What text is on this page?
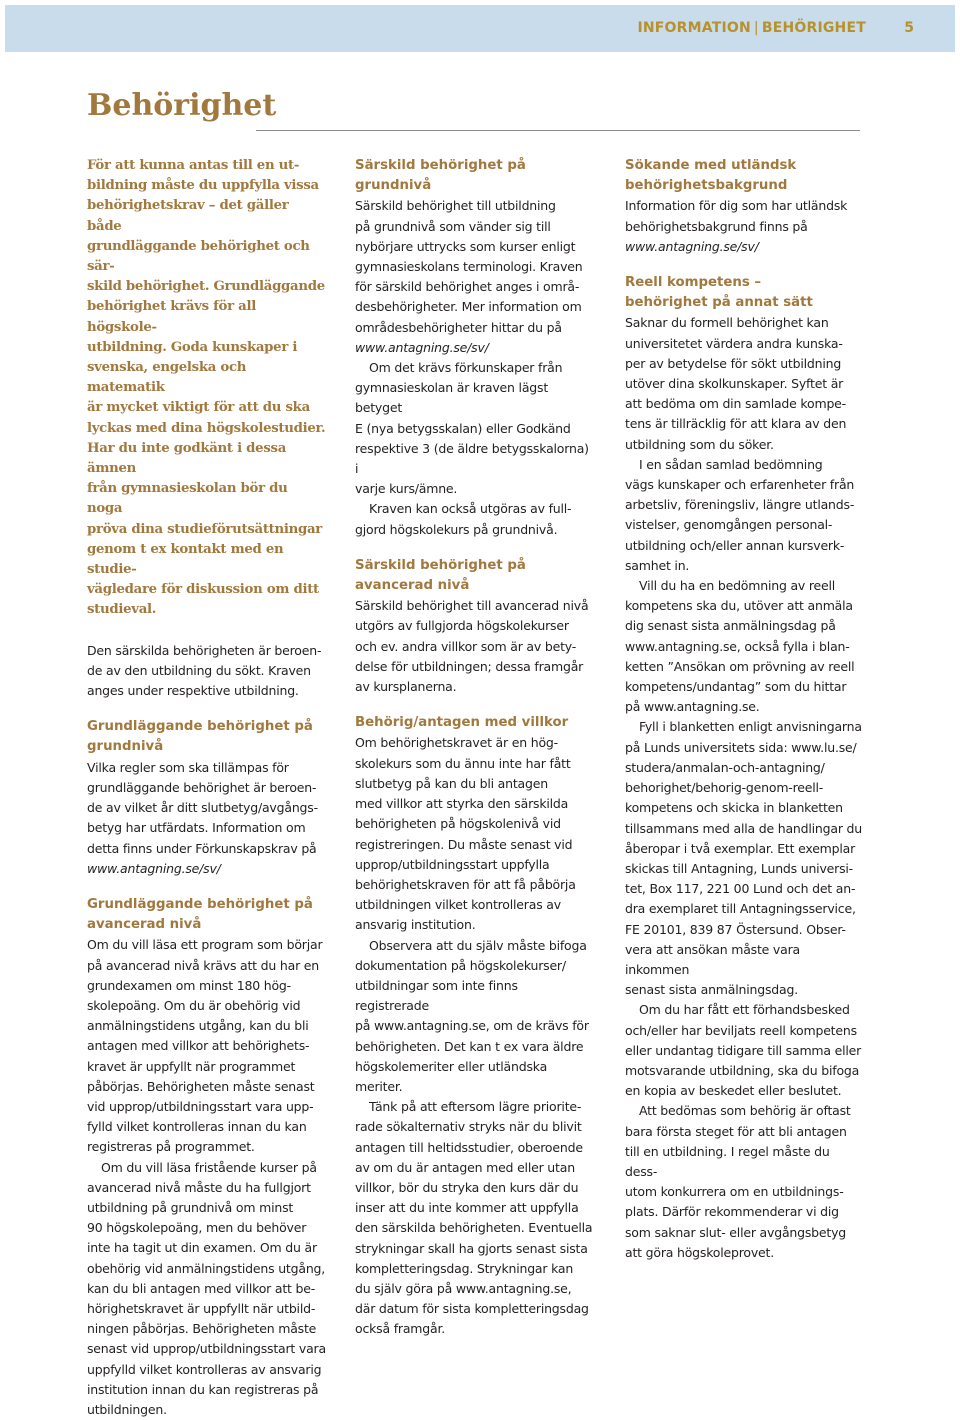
INFORMATION | BEHÖRIGHET	5
Behörighet

För att kunna antas till en ut-
bildning måste du uppfylla vissa
behörighetskrav – det gäller både
grundläggande behörighet och sär-
skild behörighet. Grundläggande
behörighet krävs för all högskole-
utbildning. Goda kunskaper i
svenska, engelska och matematik
är mycket viktigt för att du ska
lyckas med dina högskolestudier.
Har du inte godkänt i dessa ämnen
från gymnasieskolan bör du noga
pröva dina studieförutsättningar
genom t ex kontakt med en studie-
vägledare för diskussion om ditt
studieval.

Den särskilda behörigheten är beroen-
de av den utbildning du sökt. Kraven
anges under respektive utbildning.

Grundläggande behörighet på
grundnivå

Vilka regler som ska tillämpas för
grundläggande behörighet är beroen-
de av vilket år ditt slutbetyg/avgångs-
betyg har utfärdats. Information om
detta finns under Förkunskapskrav på
www.antagning.se/sv/

Grundläggande behörighet på
avancerad nivå

Om du vill läsa ett program som börjar
på avancerad nivå krävs att du har en
grundexamen om minst 180 hög-
skolepoäng. Om du är obehörig vid
anmälningstidens utgång, kan du bli
antagen med villkor att behörighets-
kravet är uppfyllt när programmet
påbörjas. Behörigheten måste senast
vid upprop/utbildningsstart vara upp-
fylld vilket kontrolleras innan du kan
registreras på programmet.

Om du vill läsa fristående kurser på
avancerad nivå måste du ha fullgjort
utbildning på grundnivå om minst
90 högskolepoäng, men du behöver
inte ha tagit ut din examen. Om du är
obehörig vid anmälningstidens utgång,
kan du bli antagen med villkor att be-
hörighetskravet är uppfyllt när utbild-
ningen påbörjas. Behörigheten måste
senast vid upprop/utbildningsstart vara
uppfylld vilket kontrolleras av ansvarig
institution innan du kan registreras på
utbildningen.

Särskild behörighet på
grundnivå

Särskild behörighet till utbildning
på grundnivå som vänder sig till
nybörjare uttrycks som kurser enligt
gymnasieskolans terminologi. Kraven
för särskild behörighet anges i områ-
desbehörigheter. Mer information om
områdesbehörigheter hittar du på
www.antagning.se/sv/

Om det krävs förkunskaper från
gymnasieskolan är kraven lägst betyget
E (nya betygsskalan) eller Godkänd
respektive 3 (de äldre betygsskalorna) i
varje kurs/ämne.

Kraven kan också utgöras av full-
gjord högskolekurs på grundnivå.

Särskild behörighet på
avancerad nivå

Särskild behörighet till avancerad nivå
utgörs av fullgjorda högskolekurser
och ev. andra villkor som är av bety-
delse för utbildningen; dessa framgår
av kursplanerna.

Behörig/antagen med villkor

Om behörighetskravet är en hög-
skolekurs som du ännu inte har fått
slutbetyg på kan du bli antagen
med villkor att styrka den särskilda
behörigheten på högskolenivå vid
registreringen. Du måste senast vid
upprop/utbildningsstart uppfylla
behörighetskraven för att få påbörja
utbildningen vilket kontrolleras av
ansvarig institution.

Observera att du själv måste bifoga
dokumentation på högskolekurser/
utbildningar som inte finns registrerade
på www.antagning.se, om de krävs för
behörigheten. Det kan t ex vara äldre
högskolemeriter eller utländska meriter.

Tänk på att eftersom lägre priorite-
rade sökalternativ stryks när du blivit
antagen till heltidsstudier, oberoende
av om du är antagen med eller utan
villkor, bör du stryka den kurs där du
inser att du inte kommer att uppfylla
den särskilda behörigheten. Eventuella
strykningar skall ha gjorts senast sista
kompletteringsdag. Strykningar kan
du själv göra på www.antagning.se,
där datum för sista kompletteringsdag
också framgår.

Sökande med utländsk
behörighetsbakgrund

Information för dig som har utländsk
behörighetsbakgrund finns på
www.antagning.se/sv/

Reell kompetens –
behörighet på annat sätt

Saknar du formell behörighet kan
universitetet värdera andra kunska-
per av betydelse för sökt utbildning
utöver dina skolkunskaper. Syftet är
att bedöma om din samlade kompe-
tens är tillräcklig för att klara av den
utbildning som du söker.

I en sådan samlad bedömning
vägs kunskaper och erfarenheter från
arbetsliv, föreningsliv, längre utlands-
vistelser, genomgången personal-
utbildning och/eller annan kursverk-
samhet in.

Vill du ha en bedömning av reell
kompetens ska du, utöver att anmäla
dig senast sista anmälningsdag på
www.antagning.se, också fylla i blan-
ketten ”Ansökan om prövning av reell
kompetens/undantag” som du hittar
på www.antagning.se.

Fyll i blanketten enligt anvisningarna
på Lunds universitets sida: www.lu.se/
studera/anmalan-och-antagning/
behorighet/behorig-genom-reell-
kompetens och skicka in blanketten
tillsammans med alla de handlingar du
åberopar i två exemplar. Ett exemplar
skickas till Antagning, Lunds universi-
tet, Box 117, 221 00 Lund och det an-
dra exemplaret till Antagningsservice,
FE 20101, 839 87 Östersund. Obser-
vera att ansökan måste vara inkommen
senast sista anmälningsdag.

Om du har fått ett förhandsbesked
och/eller har beviljats reell kompetens
eller undantag tidigare till samma eller
motsvarande utbildning, ska du bifoga
en kopia av beskedet eller beslutet.

Att bedömas som behörig är oftast
bara första steget för att bli antagen
till en utbildning. I regel måste du dess-
utom konkurrera om en utbildnings-
plats. Därför rekommenderar vi dig
som saknar slut- eller avgångsbetyg
att göra högskoleprovet.
